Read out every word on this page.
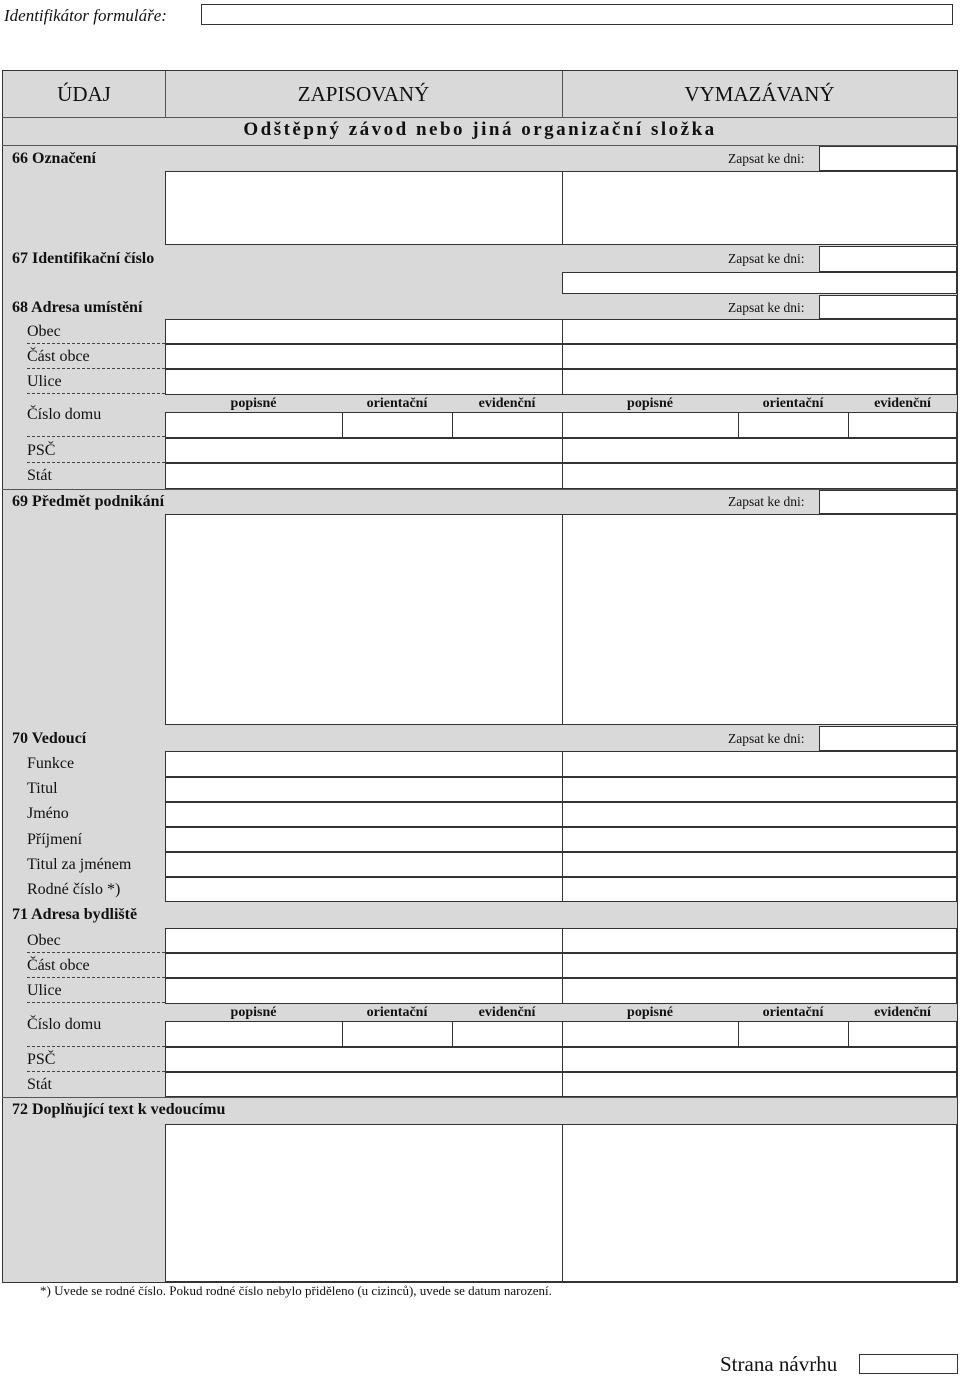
Identifikátor formuláře:
ÚDAJ	ZAPISOVANÝ	VYMAZÁVANÝ
Odštěpný závod nebo jiná organizační složka
66 Označení	Zapsat ke dni:
67 Identifikační číslo	Zapsat ke dni:
68 Adresa umístění	Zapsat ke dni:
Obec
Část obce
Ulice
Číslo domu
popisné	orientační	evidenční	popisné	orientační	evidenční
PSČ
Stát
69 Předmět podnikání	Zapsat ke dni:
70 Vedoucí	Zapsat ke dni:
Funkce
Titul
Jméno
Příjmení
Titul za jménem
Rodné číslo *)
71 Adresa bydliště
Obec
Část obce
Ulice
Číslo domu
popisné	orientační	evidenční	popisné	orientační	evidenční
PSČ
Stát
72 Doplňující text k vedoucímu
*) Uvede se rodné číslo. Pokud rodné číslo nebylo přiděleno (u cizinců), uvede se datum narození.
Strana návrhu
